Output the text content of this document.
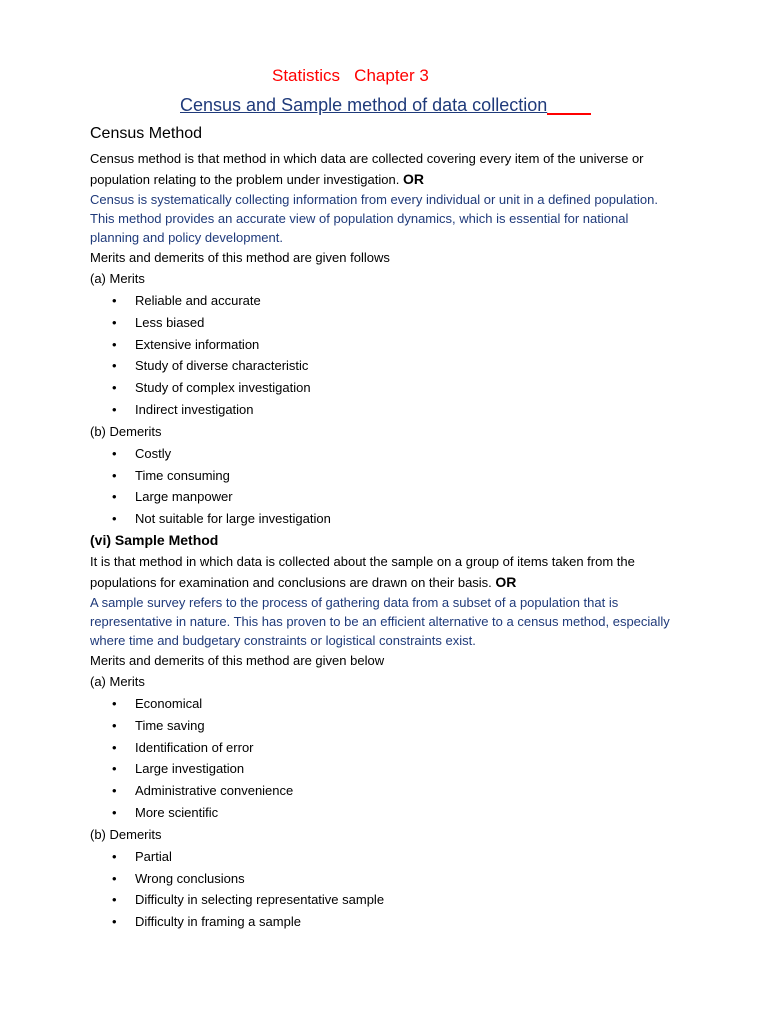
Statistics   Chapter 3
Census and Sample method of data collection
Census Method

Census method is that method in which data are collected covering every item of the universe or population relating to the problem under investigation. OR

Census is systematically collecting information from every individual or unit in a defined population. This method provides an accurate view of population dynamics, which is essential for national planning and policy development.

Merits and demerits of this method are given follows

(a) Merits
• Reliable and accurate
• Less biased
• Extensive information
• Study of diverse characteristic
• Study of complex investigation
• Indirect investigation
(b) Demerits
• Costly
• Time consuming
• Large manpower
• Not suitable for large investigation
(vi) Sample Method

It is that method in which data is collected about the sample on a group of items taken from the populations for examination and conclusions are drawn on their basis. OR

A sample survey refers to the process of gathering data from a subset of a population that is representative in nature. This has proven to be an efficient alternative to a census method, especially where time and budgetary constraints or logistical constraints exist.

Merits and demerits of this method are given below

(a) Merits
• Economical
• Time saving
• Identification of error
• Large investigation
• Administrative convenience
• More scientific
(b) Demerits
• Partial
• Wrong conclusions
• Difficulty in selecting representative sample
• Difficulty in framing a sample
